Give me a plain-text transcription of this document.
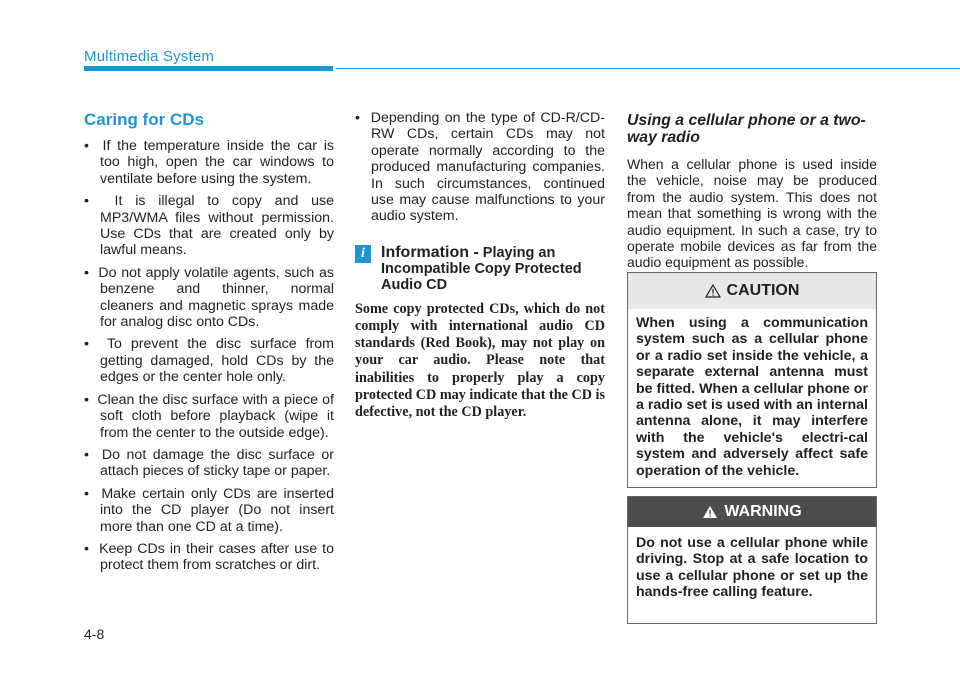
Multimedia System
Caring for CDs
•  If the temperature inside the car is too high, open the car windows to ventilate before using the system.
•  It is illegal to copy and use MP3/WMA files without permission. Use CDs that are created only by lawful means.
•  Do not apply volatile agents, such as benzene and thinner, normal cleaners and magnetic sprays made for analog disc onto CDs.
•  To prevent the disc surface from getting damaged, hold CDs by the edges or the center hole only.
•  Clean the disc surface with a piece of soft cloth before playback (wipe it from the center to the outside edge).
•  Do not damage the disc surface or attach pieces of sticky tape or paper.
•  Make certain only CDs are inserted into the CD player (Do not insert more than one CD at a time).
•  Keep CDs in their cases after use to protect them from scratches or dirt.
•  Depending on the type of CD-R/CD-RW CDs, certain CDs may not operate normally according to the produced manufacturing companies. In such circumstances, continued use may cause malfunctions to your audio system.
i	Information - Playing an Incompatible Copy Protected Audio CD
Some copy protected CDs, which do not comply with international audio CD standards (Red Book), may not play on your car audio. Please note that inabilities to properly play a copy protected CD may indicate that the CD is defective, not the CD player.
Using a cellular phone or a two-way radio

When a cellular phone is used inside the vehicle, noise may be produced from the audio system. This does not mean that something is wrong with the audio equipment. In such a case, try to operate mobile devices as far from the audio equipment as possible.

CAUTION
When using a communication system such as a cellular phone or a radio set inside the vehicle, a separate external antenna must be fitted. When a cellular phone or a radio set is used with an internal antenna alone, it may interfere with the vehicle's electri-cal system and adversely affect safe operation of the vehicle.
WARNING
Do not use a cellular phone while driving. Stop at a safe location to use a cellular phone or set up the hands-free calling feature.
4-8
